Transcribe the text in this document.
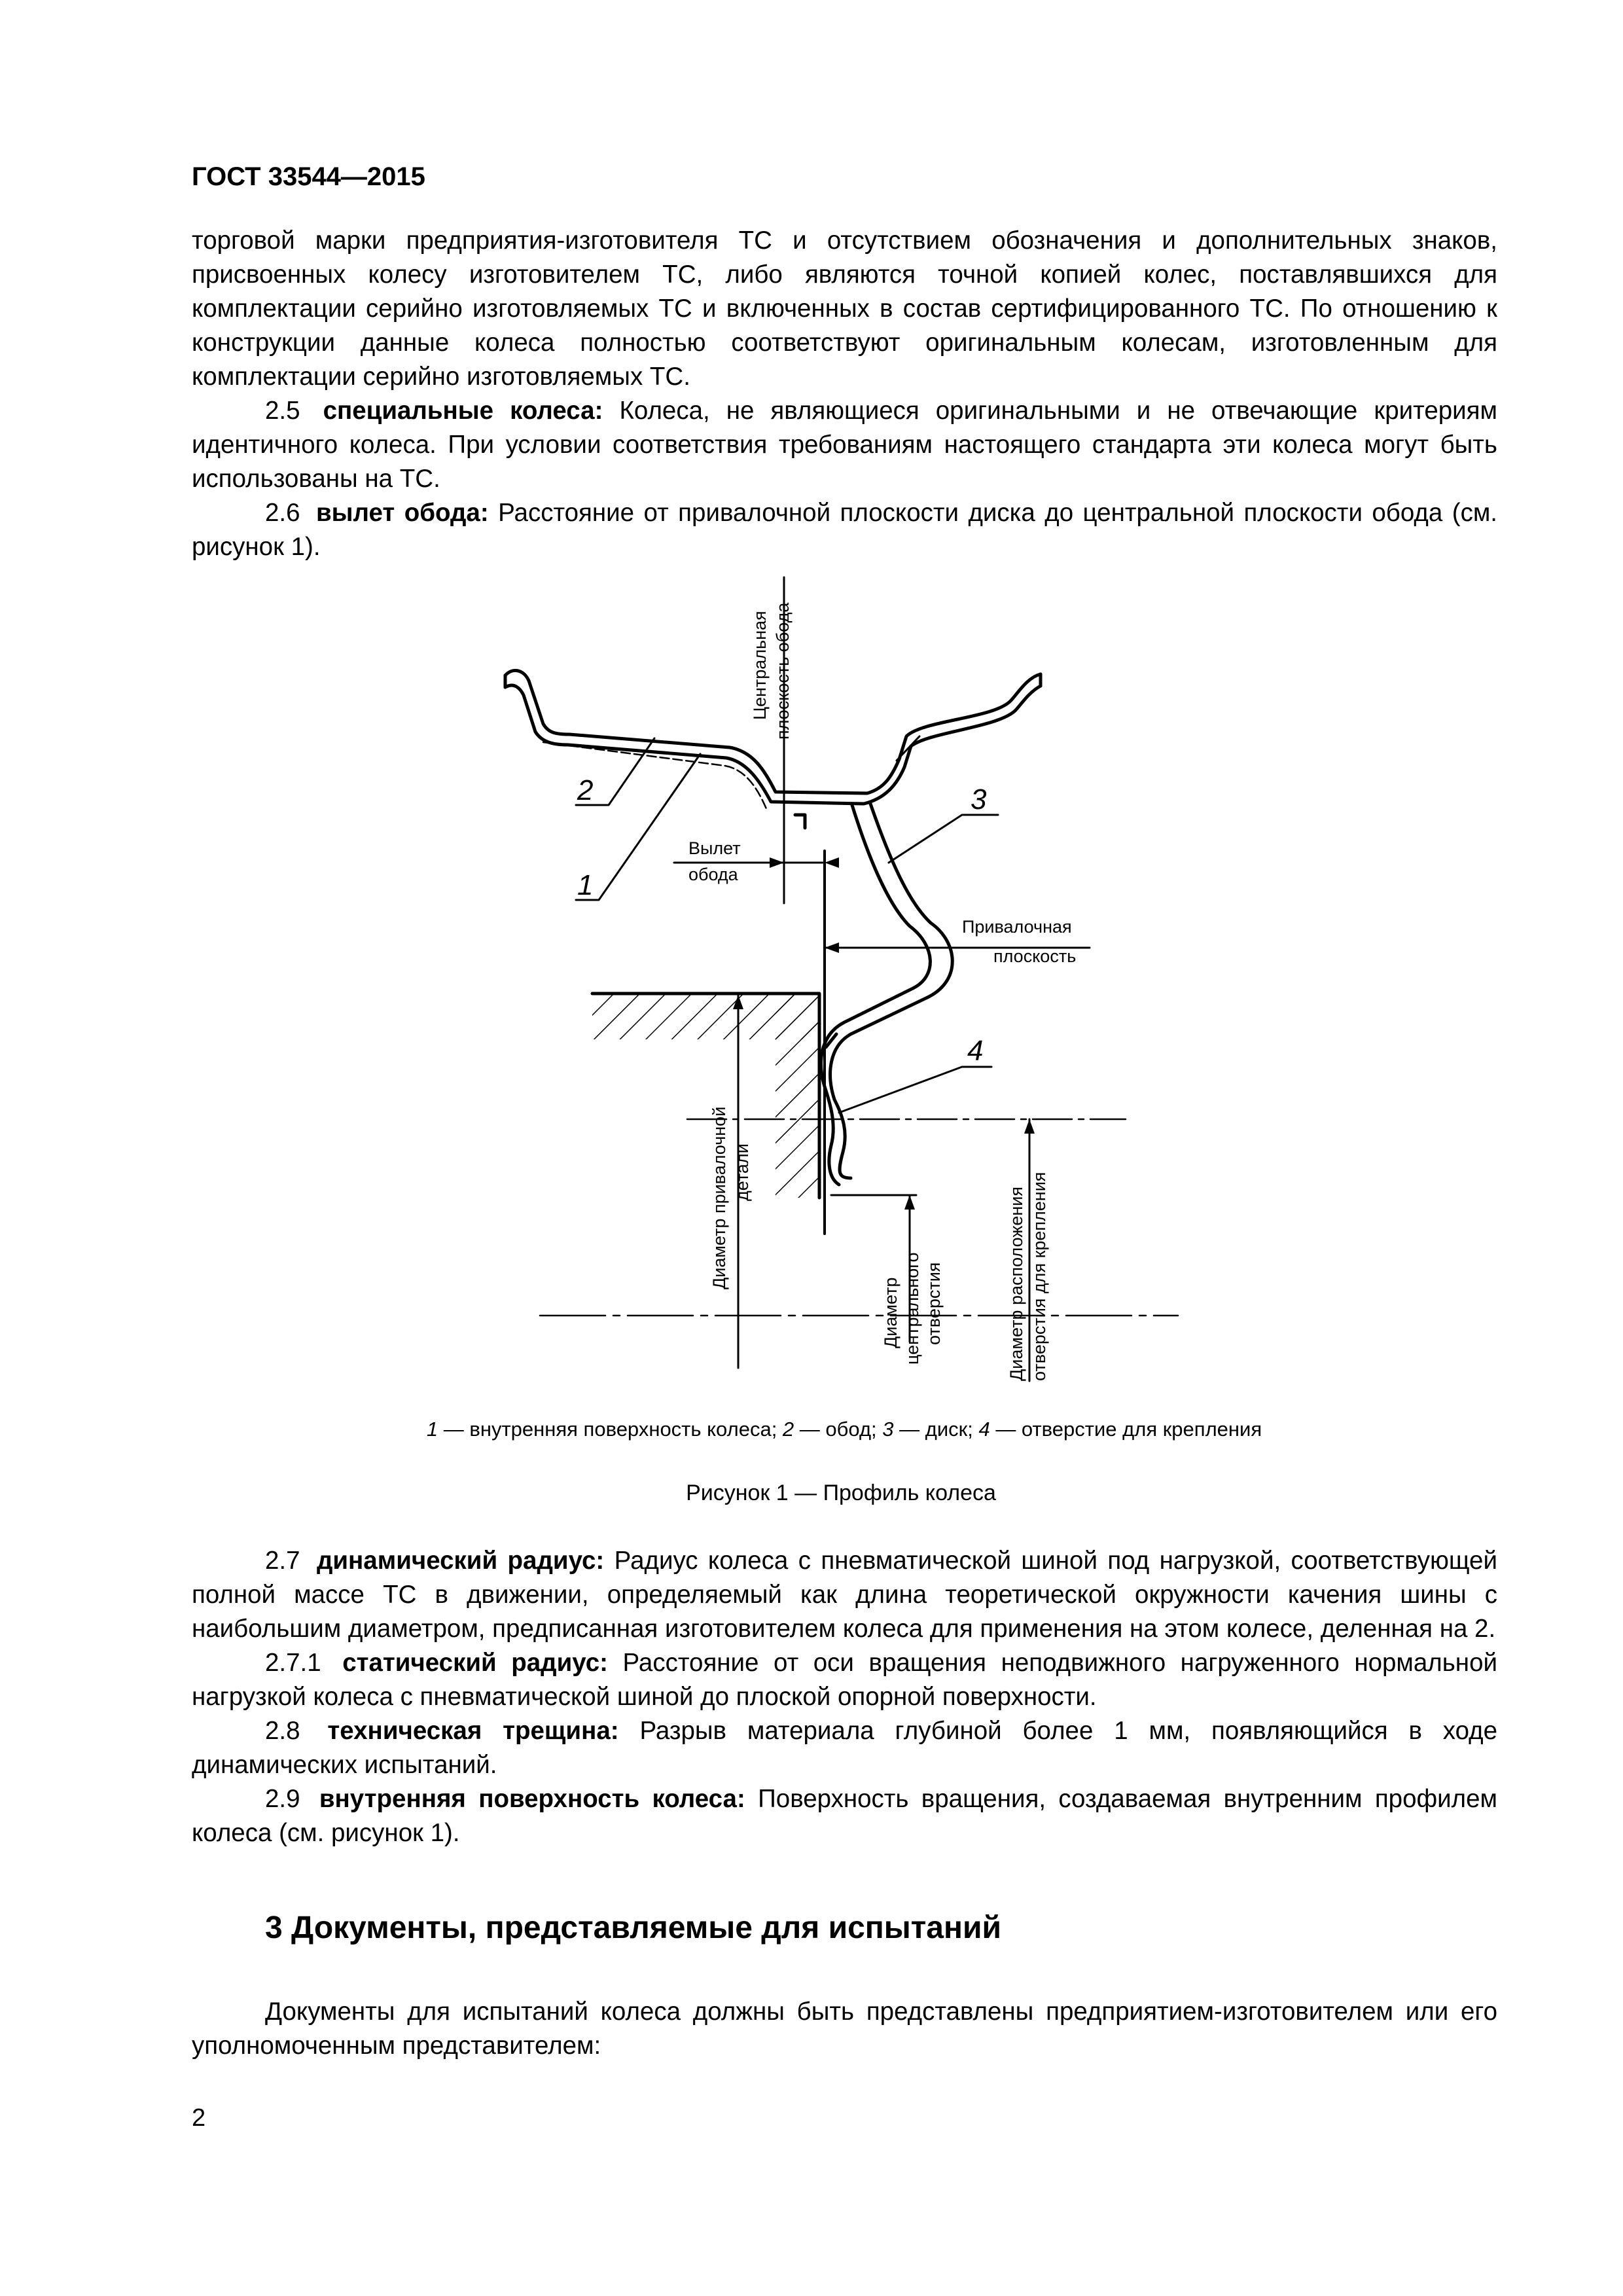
ГОСТ 33544—2015

торговой марки предприятия-изготовителя ТС и отсутствием обозначения и дополнительных знаков, присвоенных колесу изготовителем ТС, либо являются точной копией колес, поставлявшихся для комплектации серийно изготовляемых ТС и включенных в состав сертифицированного ТС. По отношению к конструкции данные колеса полностью соответствуют оригинальным колесам, изготовленным для комплектации серийно изготовляемых ТС.

2.5 специальные колеса: Колеса, не являющиеся оригинальными и не отвечающие критериям идентичного колеса. При условии соответствия требованиям настоящего стандарта эти колеса могут быть использованы на ТС.

2.6 вылет обода: Расстояние от привалочной плоскости диска до центральной плоскости обода (см. рисунок 1).

Центральная плоскость обода
Вылет
обода
Привалочная
плоскость
Диаметр привалочной детали
Диаметр центрального отверстия	Диаметр расположения отверстия для крепления
2
1
3
4
1 — внутренняя поверхность колеса; 2 — обод; 3 — диск; 4 — отверстие для крепления
Рисунок 1 — Профиль колеса

2.7 динамический радиус: Радиус колеса с пневматической шиной под нагрузкой, соответствующей полной массе ТС в движении, определяемый как длина теоретической окружности качения шины с наибольшим диаметром, предписанная изготовителем колеса для применения на этом колесе, деленная на 2.

2.7.1 статический радиус: Расстояние от оси вращения неподвижного нагруженного нормальной нагрузкой колеса с пневматической шиной до плоской опорной поверхности.

2.8 техническая трещина: Разрыв материала глубиной более 1 мм, появляющийся в ходе динамических испытаний.

2.9 внутренняя поверхность колеса: Поверхность вращения, создаваемая внутренним профилем колеса (см. рисунок 1).

3 Документы, представляемые для испытаний

Документы для испытаний колеса должны быть представлены предприятием-изготовителем или его уполномоченным представителем:

2
